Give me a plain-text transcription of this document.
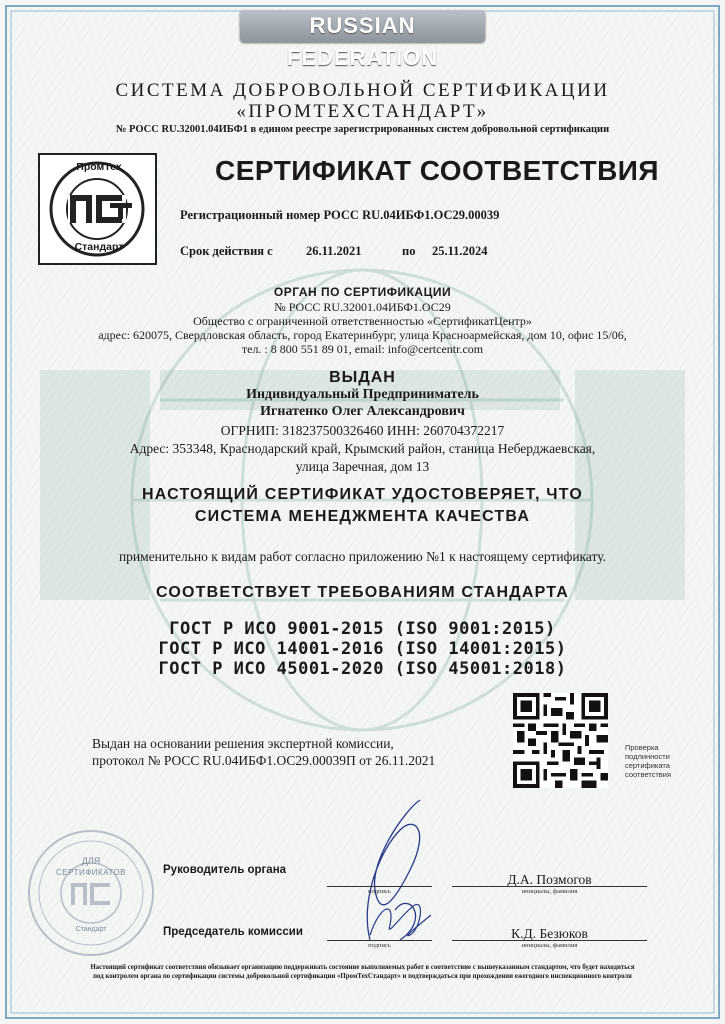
RUSSIAN FEDERATION
СИСТЕМА ДОБРОВОЛЬНОЙ СЕРТИФИКАЦИИ
«ПРОМТЕХСТАНДАРТ»
№ РОСС RU.32001.04ИБФ1 в едином реестре зарегистрированных систем добровольной сертификации
ПромТех
Стандарт
СЕРТИФИКАТ СООТВЕТСТВИЯ
Регистрационный номер РОСС RU.04ИБФ1.ОС29.00039
Срок действия с	26.11.2021	по 25.11.2024
ОРГАН ПО СЕРТИФИКАЦИИ
№ РОСС RU.32001.04ИБФ1.ОС29
Общество с ограниченной ответственностью «СертификатЦентр»
адрес: 620075, Свердловская область, город Екатеринбург, улица Красноармейская, дом 10, офис 15/06,
тел. : 8 800 551 89 01, email: info@certcentr.com
ВЫДАН
Индивидуальный Предприниматель
Игнатенко Олег Александрович
ОГРНИП: 318237500326460 ИНН: 260704372217
Адрес: 353348, Краснодарский край, Крымский район, станица Неберджаевская,
улица Заречная, дом 13
НАСТОЯЩИЙ СЕРТИФИКАТ УДОСТОВЕРЯЕТ, ЧТО
СИСТЕМА МЕНЕДЖМЕНТА КАЧЕСТВА
применительно к видам работ согласно приложению №1 к настоящему сертификату.
СООТВЕТСТВУЕТ ТРЕБОВАНИЯМ СТАНДАРТА
ГОСТ Р ИСО 9001-2015 (ISO 9001:2015)
ГОСТ Р ИСО 14001-2016 (ISO 14001:2015)
ГОСТ Р ИСО 45001-2020 (ISO 45001:2018)
Выдан на основании решения экспертной комиссии,
протокол № РОСС RU.04ИБФ1.ОС29.00039П от 26.11.2021
Проверка
подлинности
сертификата
соответствия
ДЛЯ
СЕРТИФИКАТОВ
Стандарт
Руководитель органа
подпись
Д.А. Позмогов
инициалы, фамилия
Председатель комиссии
подпись
К.Д. Безюков
инициалы, фамилия
Настоящий сертификат соответствия обязывает организацию поддерживать состояние выполняемых работ в соответствие с вышеуказанным стандартом, что будет находиться
под контролем органа по сертификации системы добровольной сертификации «ПромТехСтандарт» и подтверждаться при прохождении ежегодного инспекционного контроля
